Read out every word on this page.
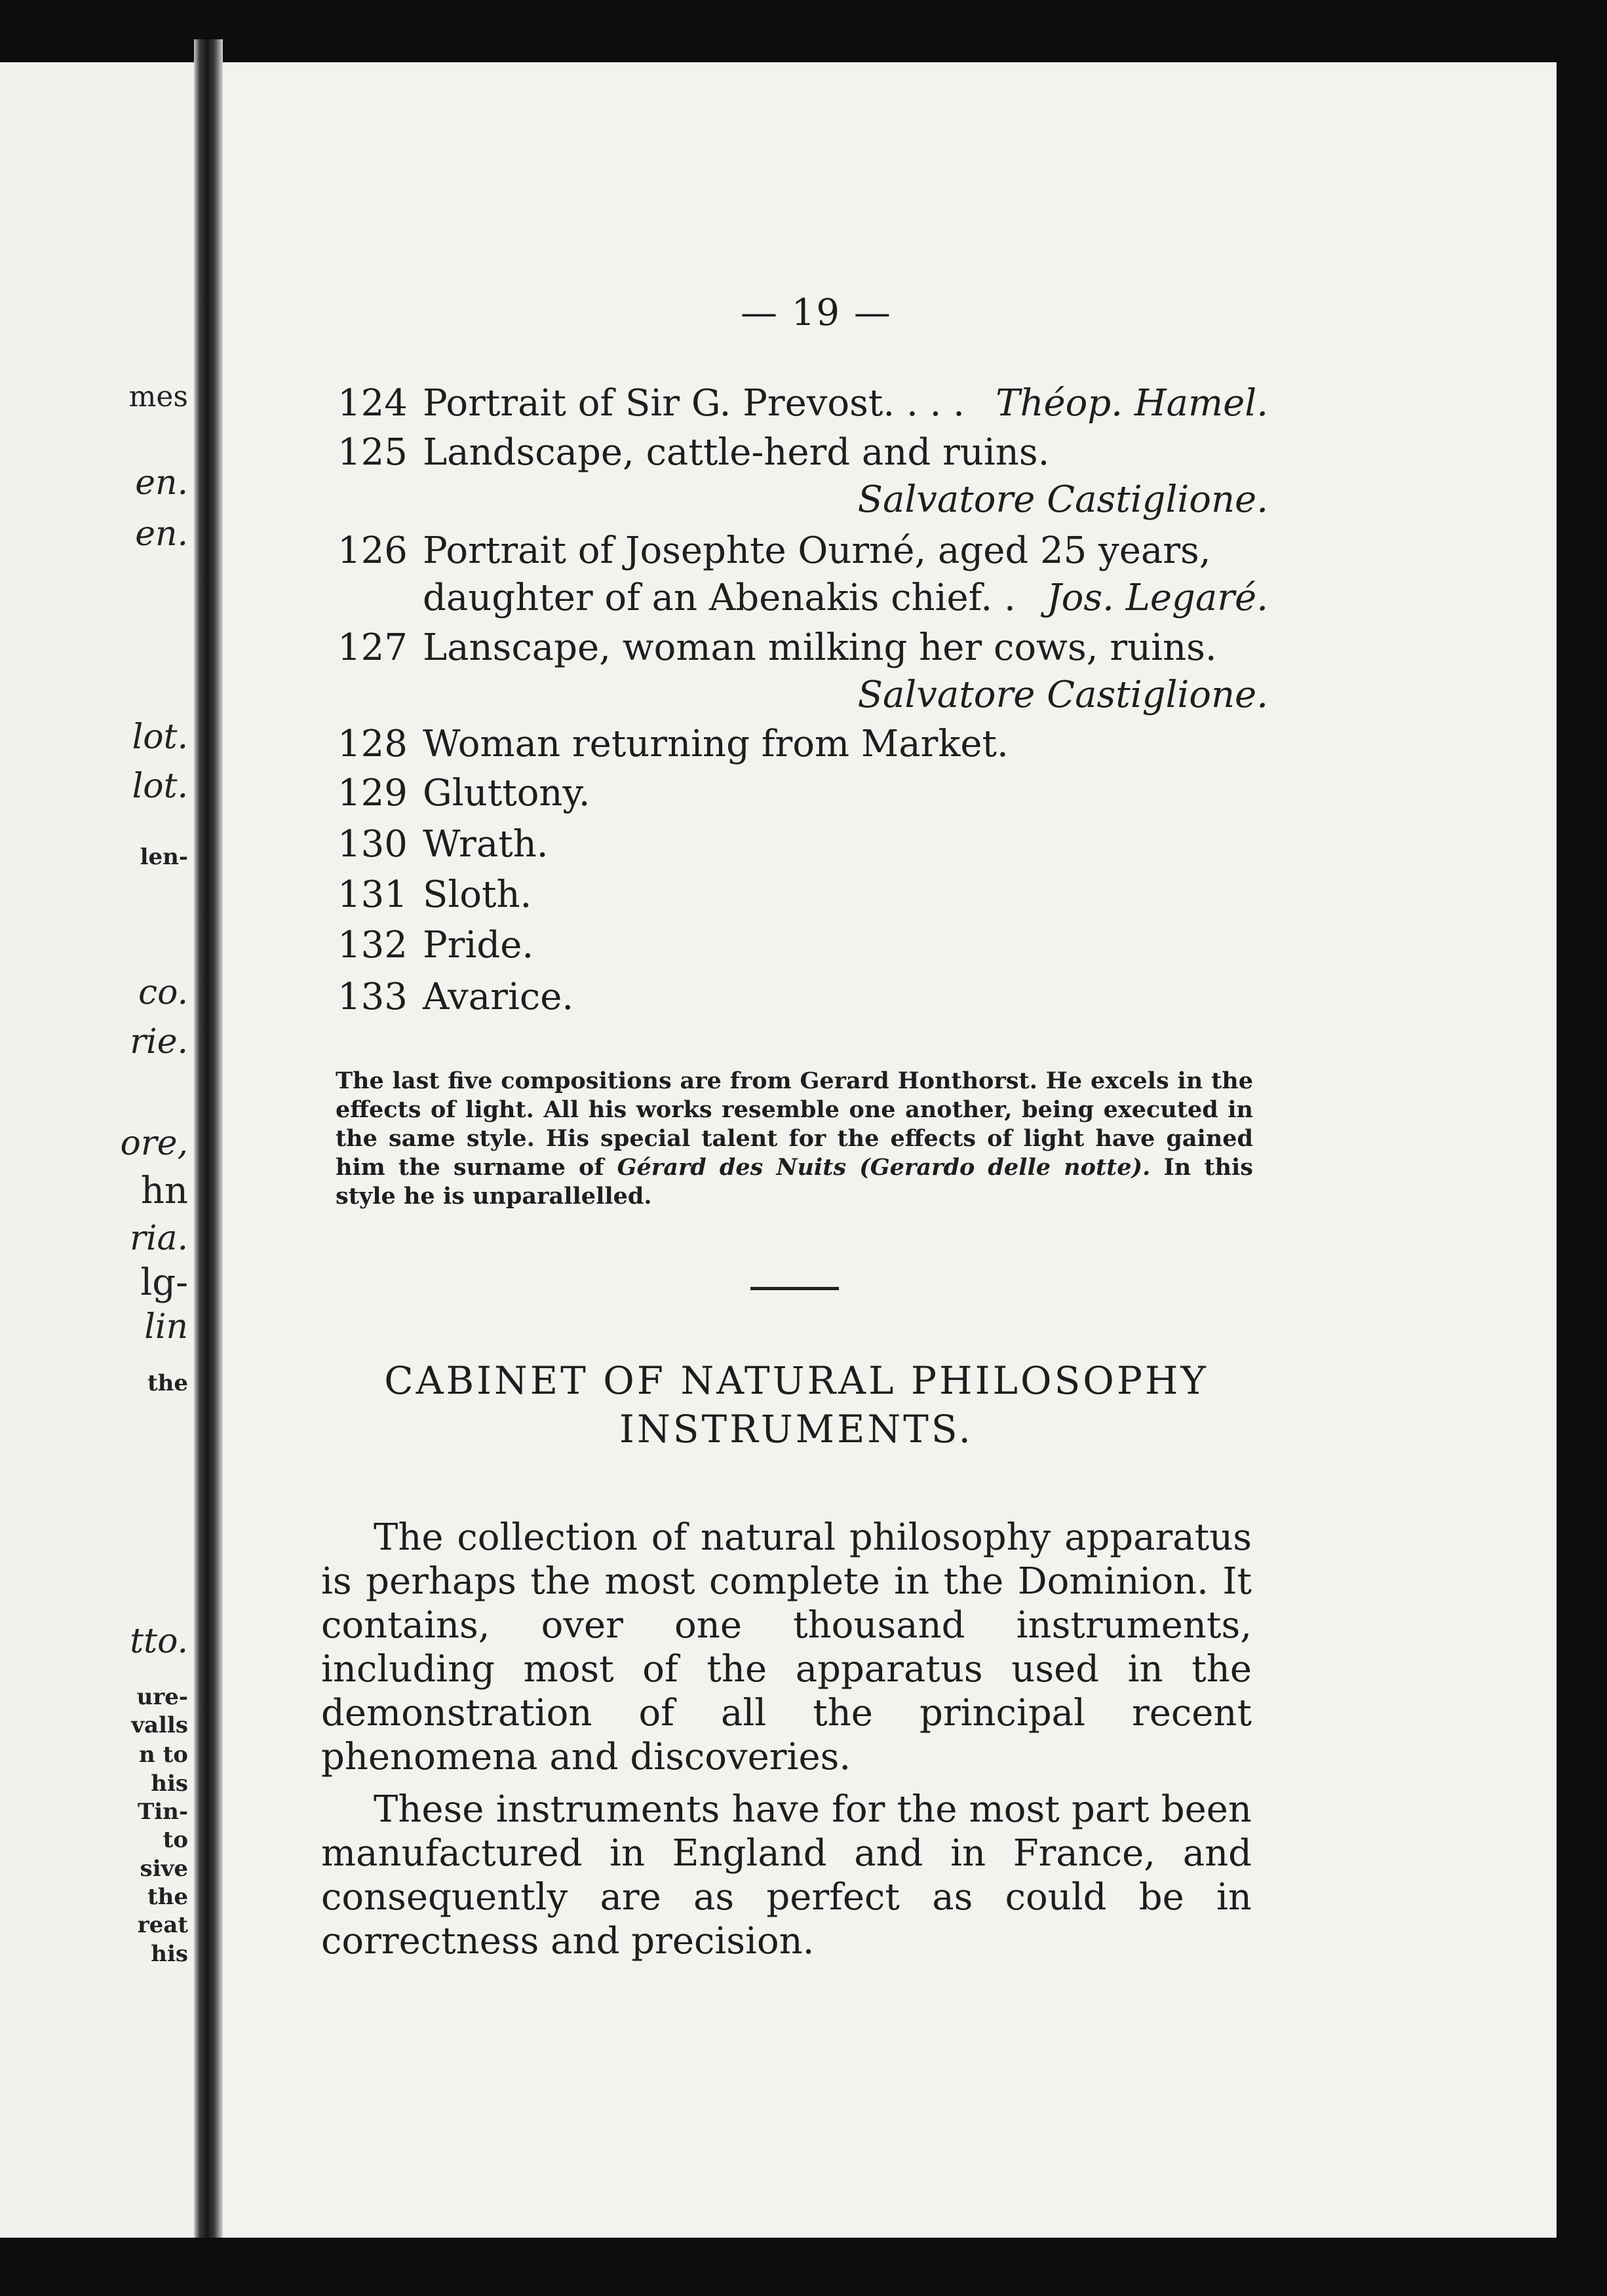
mes
en.
en.
lot.
lot.
len-
co.
rie.
ore,
hn
ria.
lg-
lin
the
tto.
ure-
valls
n to
his
Tin-
to
sive
the
reat
his
— 19 —
124 Portrait of Sir G. Prevost. . . . Théop. Hamel.
125 Landscape, cattle-herd and ruins.
Salvatore Castiglione.
126 Portrait of Josephte Ourné, aged 25 years,
daughter of an Abenakis chief. . Jos. Legaré.
127 Lanscape, woman milking her cows, ruins.
Salvatore Castiglione.
128 Woman returning from Market.
129 Gluttony.
130 Wrath.
131 Sloth.
132 Pride.
133 Avarice.

The last five compositions are from Gerard Honthorst. He excels in the effects of light. All his works resemble one another, being executed in the same style. His special talent for the effects of light have gained him the surname of Gérard des Nuits (Gerardo delle notte). In this style he is unparallelled.

CABINET OF NATURAL PHILOSOPHY
INSTRUMENTS.

The collection of natural philosophy apparatus is perhaps the most complete in the Dominion. It contains, over one thousand instruments, including most of the apparatus used in the demonstration of all the principal recent phenomena and discoveries.

These instruments have for the most part been manufactured in England and in France, and consequently are as perfect as could be in correctness and precision.
